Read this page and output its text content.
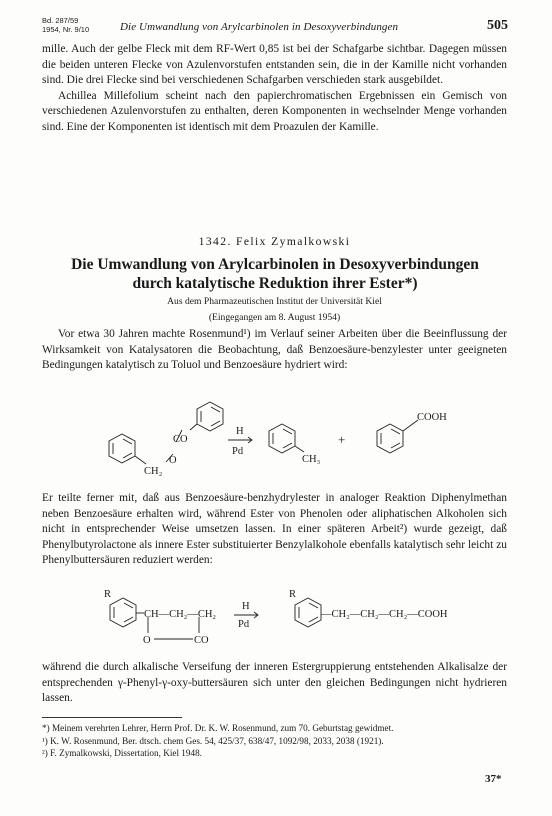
Bd. 287/59
1954, Nr. 9/10	Die Umwandlung von Arylcarbinolen in Desoxyverbindungen	505

mille. Auch der gelbe Fleck mit dem RF-Wert 0,85 ist bei der Schafgarbe sichtbar. Dagegen müssen die beiden unteren Flecke von Azulenvorstufen entstanden sein, die in der Kamille nicht vorhanden sind. Die drei Flecke sind bei verschiedenen Schafgarben verschieden stark ausgebildet.

Achillea Millefolium scheint nach den papierchromatischen Ergebnissen ein Gemisch von verschiedenen Azulenvorstufen zu enthalten, deren Komponenten in wechselnder Menge vorhanden sind. Eine der Komponenten ist identisch mit dem Proazulen der Kamille.

1342. Felix Zymalkowski
Die Umwandlung von Arylcarbinolen in Desoxyverbindungen
durch katalytische Reduktion ihrer Ester*)
Aus dem Pharmazeutischen Institut der Universität Kiel
(Eingegangen am 8. August 1954)

Vor etwa 30 Jahren machte Rosenmund¹) im Verlauf seiner Arbeiten über die Beeinflussung der Wirksamkeit von Katalysatoren die Beobachtung, daß Benzoesäure-benzylester unter geeigneten Bedingungen katalytisch zu Toluol und Benzoesäure hydriert wird:

CO
O
CH₂
H
Pd
CH₃
+
COOH

Er teilte ferner mit, daß aus Benzoesäure-benzhydrylester in analoger Reaktion Diphenylmethan neben Benzoesäure erhalten wird, während Ester von Phenolen oder aliphatischen Alkoholen sich nicht in entsprechender Weise umsetzen lassen. In einer späteren Arbeit²) wurde gezeigt, daß Phenylbutyrolactone als innere Ester substituierter Benzylalkohole ebenfalls katalytisch sehr leicht zu Phenylbuttersäuren reduziert werden:

R
CH—CH₂—CH₂
O	CO
H
Pd
R
—CH₂—CH₂—CH₂—COOH

während die durch alkalische Verseifung der inneren Estergruppierung entstehenden Alkalisalze der entsprechenden γ-Phenyl-γ-oxy-buttersäuren sich unter den gleichen Bedingungen nicht hydrieren lassen.

*) Meinem verehrten Lehrer, Herrn Prof. Dr. K. W. Rosenmund, zum 70. Geburtstag gewidmet.

¹) K. W. Rosenmund, Ber. dtsch. chem Ges. 54, 425/37, 638/47, 1092/98, 2033, 2038 (1921).

²) F. Zymalkowski, Dissertation, Kiel 1948.

37*
